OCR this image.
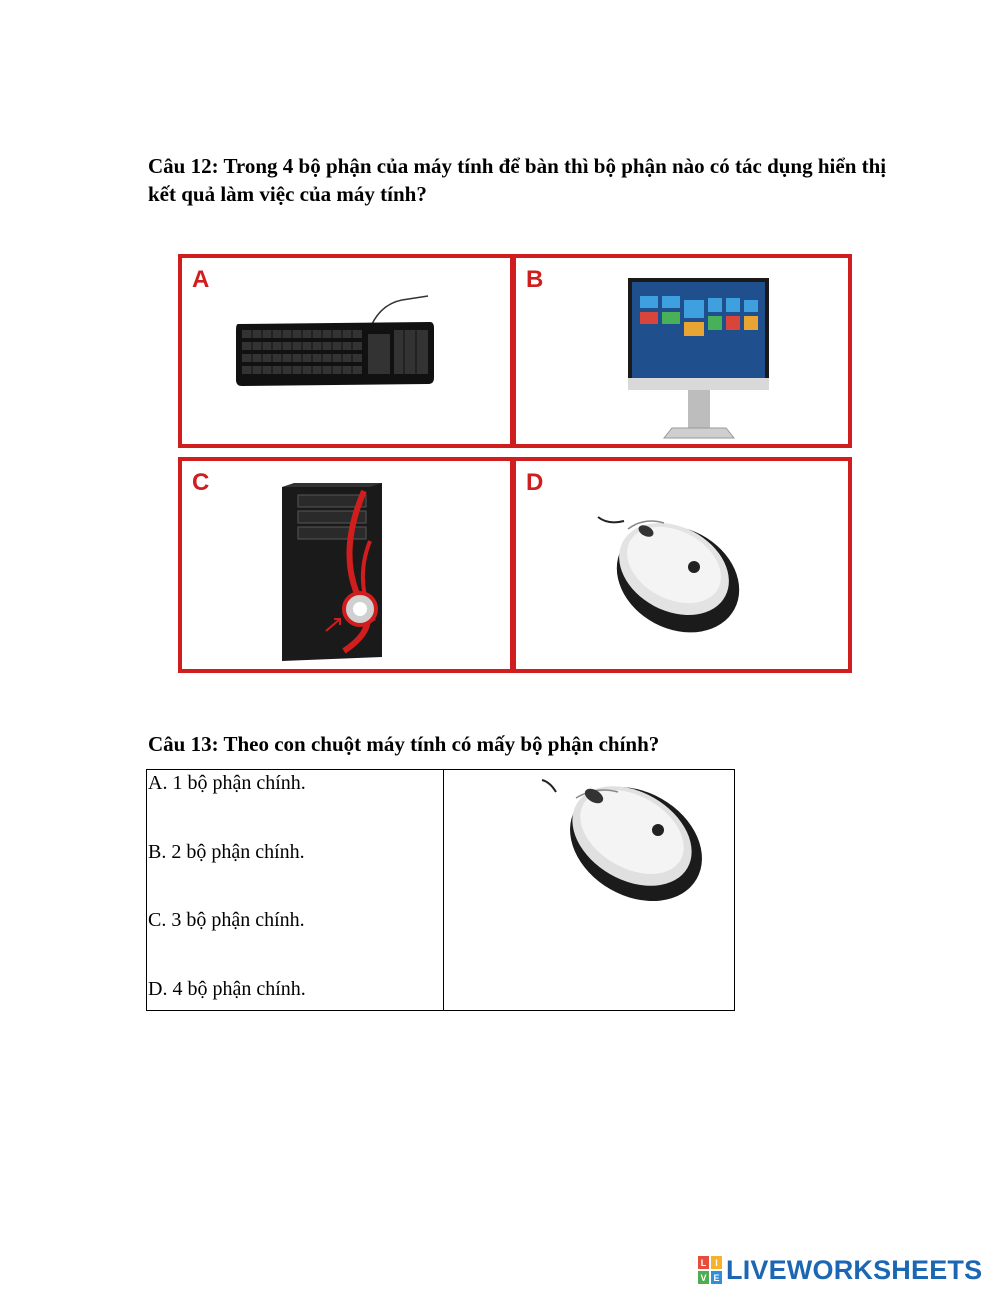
Câu 12: Trong 4 bộ phận của máy tính để bàn thì bộ phận nào có tác dụng hiển thị kết quả làm việc của máy tính?

A	B
C	D

Câu 13: Theo con chuột máy tính có mấy bộ phận chính?

A. 1 bộ phận chính.
B. 2 bộ phận chính.
C. 3 bộ phận chính.
D. 4 bộ phận chính.

L I
V E LIVEWORKSHEETS
